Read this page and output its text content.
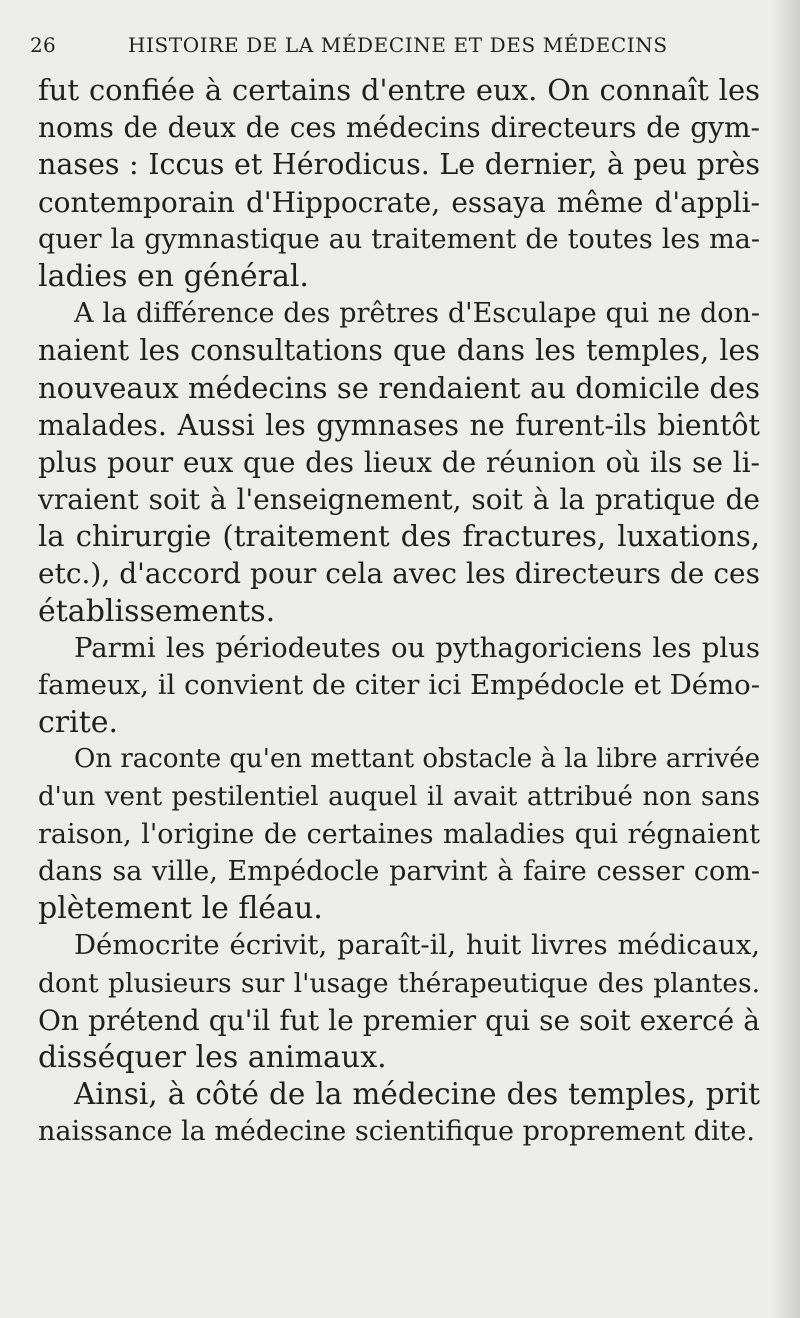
26	HISTOIRE DE LA MÉDECINE ET DES MÉDECINS
fut confiée à certains d'entre eux. On connaît les
noms de deux de ces médecins directeurs de gym-
nases : Iccus et Hérodicus. Le dernier, à peu près
contemporain d'Hippocrate, essaya même d'appli-
quer la gymnastique au traitement de toutes les ma-
ladies en général.
A la différence des prêtres d'Esculape qui ne don-
naient les consultations que dans les temples, les
nouveaux médecins se rendaient au domicile des
malades. Aussi les gymnases ne furent-ils bientôt
plus pour eux que des lieux de réunion où ils se li-
vraient soit à l'enseignement, soit à la pratique de
la chirurgie (traitement des fractures, luxations,
etc.), d'accord pour cela avec les directeurs de ces
établissements.
Parmi les périodeutes ou pythagoriciens les plus
fameux, il convient de citer ici Empédocle et Démo-
crite.
On raconte qu'en mettant obstacle à la libre arrivée
d'un vent pestilentiel auquel il avait attribué non sans
raison, l'origine de certaines maladies qui régnaient
dans sa ville, Empédocle parvint à faire cesser com-
plètement le fléau.
Démocrite écrivit, paraît-il, huit livres médicaux,
dont plusieurs sur l'usage thérapeutique des plantes.
On prétend qu'il fut le premier qui se soit exercé à
disséquer les animaux.
Ainsi, à côté de la médecine des temples, prit
naissance la médecine scientifique proprement dite.
